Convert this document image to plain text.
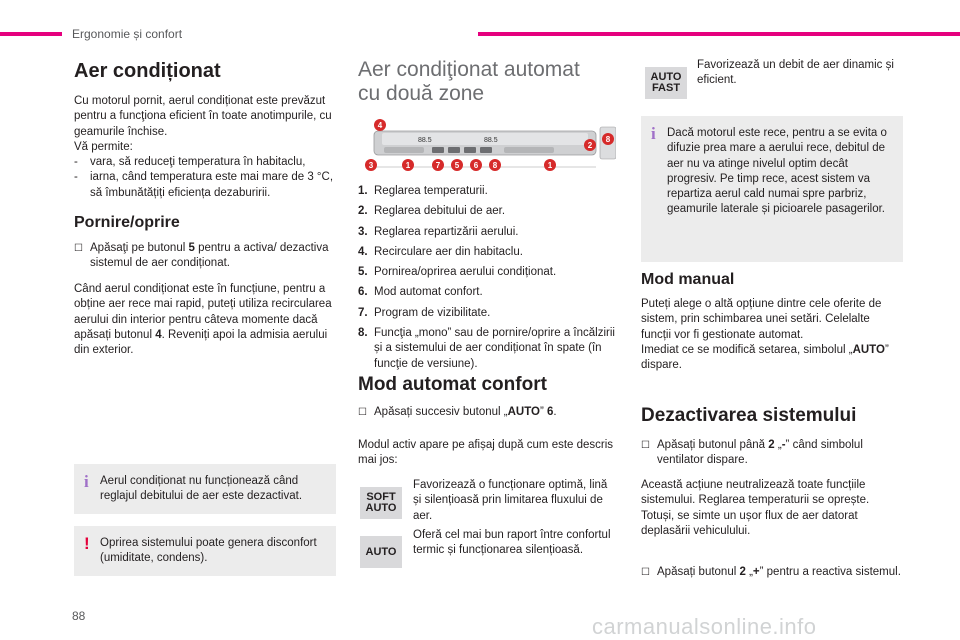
Ergonomie și confort
Aer condiționat

Cu motorul pornit, aerul condiționat este prevăzut pentru a funcţiona eficient în toate anotimpurile, cu geamurile închise.

Vă permite:

-	vara, să reduceţi temperatura în habitaclu,
-	iarna, când temperatura este mai mare de 3 °C, să îmbunătățiți eficiența dezaburirii.
Pornire/oprire
☐ Apăsaţi pe butonul 5 pentru a activa/ dezactiva sistemul de aer condiționat.

Când aerul condiționat este în funcțiune, pentru a obține aer rece mai rapid, puteți utiliza recircularea aerului din interior pentru câteva momente dacă apăsați butonul 4. Reveniți apoi la admisia aerului din exterior.

i Aerul condiționat nu funcționează când reglajul debitului de aer este dezactivat.

! Oprirea sistemului poate genera disconfort (umiditate, condens).

Aer condiţionat automat
cu două zone
88.5	88.5
4
3	1	7 5 6 8	1
2
8
1. Reglarea temperaturii.
2. Reglarea debitului de aer.
3. Reglarea repartizării aerului.
4. Recirculare aer din habitaclu.
5. Pornirea/oprirea aerului condiționat.
6. Mod automat confort.
7. Program de vizibilitate.
8. Funcţia „mono” sau de pornire/oprire a încălzirii și a sistemului de aer condiționat în spate (în funcţie de versiune).
Mod automat confort
☐ Apăsați succesiv butonul „AUTO” 6.

Modul activ apare pe afișaj după cum este descris mai jos:

SOFT
AUTO

Favorizează o funcționare optimă, lină și silențioasă prin limitarea fluxului de aer.

AUTO

Oferă cel mai bun raport între confortul termic și funcționarea silențioasă.

AUTO
FAST

Favorizează un debit de aer dinamic și eficient.

i Dacă motorul este rece, pentru a se evita o difuzie prea mare a aerului rece, debitul de aer nu va atinge nivelul optim decât progresiv. Pe timp rece, acest sistem va repartiza aerul cald numai spre parbriz, geamurile laterale și picioarele pasagerilor.

Mod manual

Puteți alege o altă opțiune dintre cele oferite de sistem, prin schimbarea unei setări. Celelalte funcții vor fi gestionate automat.

Imediat ce se modifică setarea, simbolul „AUTO” dispare.

Dezactivarea sistemului
☐ Apăsați butonul până 2 „-” când simbolul ventilator dispare.

Această acțiune neutralizează toate funcțiile sistemului. Reglarea temperaturii se oprește. Totuși, se simte un ușor flux de aer datorat deplasării vehiculului.

☐ Apăsați butonul 2 „+” pentru a reactiva sistemul.
88	carmanualsonline.info
